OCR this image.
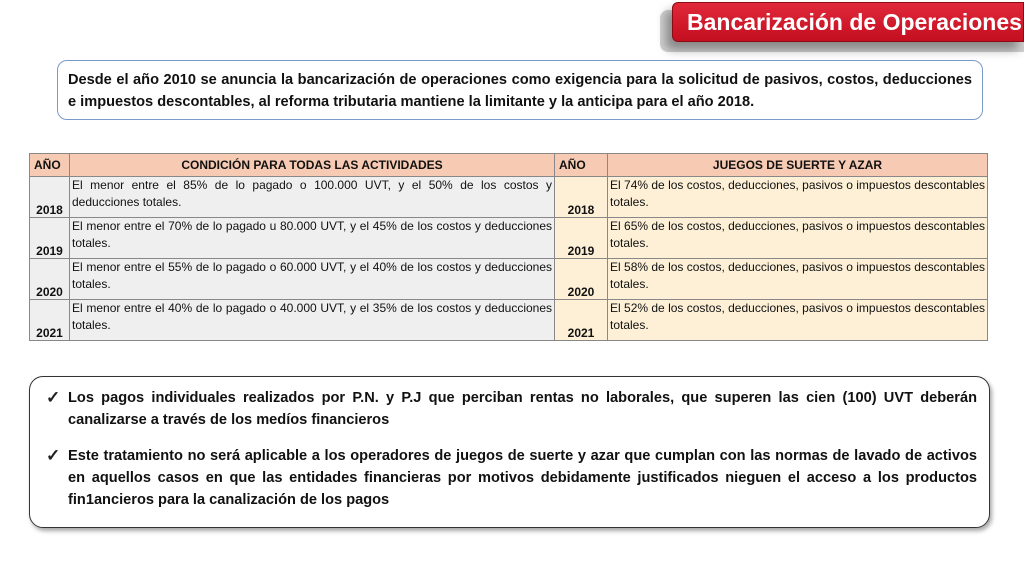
Bancarización de Operaciones
Desde el año 2010 se anuncia la bancarización de operaciones como exigencia para la solicitud de pasivos, costos, deducciones e impuestos descontables, al reforma tributaria mantiene la limitante y la anticipa para el año 2018.
AÑO	CONDICIÓN PARA TODAS LAS ACTIVIDADES	AÑO	JUEGOS DE SUERTE Y AZAR
2018	El menor entre el 85% de lo pagado o 100.000 UVT, y el 50% de los costos y deducciones totales.	2018	El 74% de los costos, deducciones, pasivos o impuestos descontables totales.
2019	El menor entre el 70% de lo pagado u 80.000 UVT, y el 45% de los costos y deducciones totales.	2019	El 65% de los costos, deducciones, pasivos o impuestos descontables totales.
2020	El menor entre el 55% de lo pagado o 60.000 UVT, y el 40% de los costos y deducciones totales.	2020	El 58% de los costos, deducciones, pasivos o impuestos descontables totales.
2021	El menor entre el 40% de lo pagado o 40.000 UVT, y el 35% de los costos y deducciones totales.	2021	El 52% de los costos, deducciones, pasivos o impuestos descontables totales.
✓ Los pagos individuales realizados por P.N. y P.J que perciban rentas no laborales, que superen las cien (100) UVT deberán canalizarse a través de los medíos financieros
✓ Este tratamiento no será aplicable a los operadores de juegos de suerte y azar que cumplan con las normas de lavado de activos en aquellos casos en que las entidades financieras por motivos debidamente justificados nieguen el acceso a los productos fin1ancieros para la canalización de los pagos
